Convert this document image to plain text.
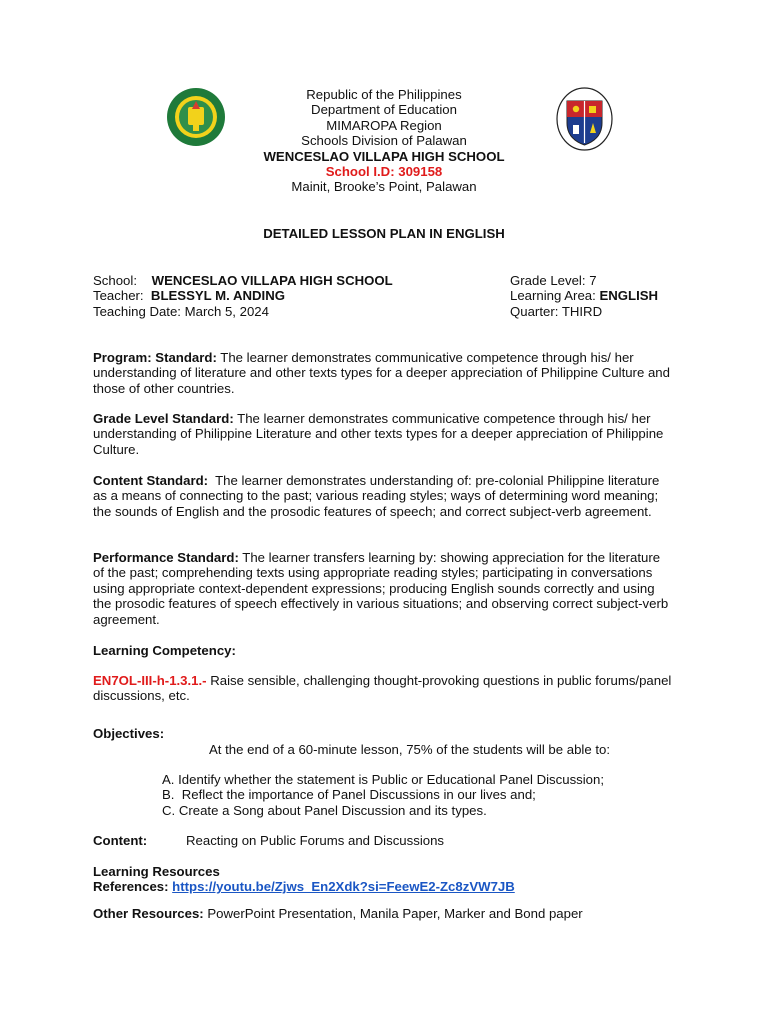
Republic of the Philippines
Department of Education
MIMAROPA Region
Schools Division of Palawan
WENCESLAO VILLAPA HIGH SCHOOL
School I.D: 309158
Mainit, Brooke’s Point, Palawan
DETAILED LESSON PLAN IN ENGLISH
School: WENCESLAO VILLAPA HIGH SCHOOL	Grade Level: 7
Teacher: BLESSYL M. ANDING	Learning Area: ENGLISH
Teaching Date: March 5, 2024	Quarter: THIRD
Program: Standard: The learner demonstrates communicative competence through his/ her understanding of literature and other texts types for a deeper appreciation of Philippine Culture and those of other countries.
Grade Level Standard: The learner demonstrates communicative competence through his/ her understanding of Philippine Literature and other texts types for a deeper appreciation of Philippine Culture.
Content Standard: The learner demonstrates understanding of: pre-colonial Philippine literature as a means of connecting to the past; various reading styles; ways of determining word meaning; the sounds of English and the prosodic features of speech; and correct subject-verb agreement.
Performance Standard: The learner transfers learning by: showing appreciation for the literature of the past; comprehending texts using appropriate reading styles; participating in conversations using appropriate context-dependent expressions; producing English sounds correctly and using the prosodic features of speech effectively in various situations; and observing correct subject-verb agreement.
Learning Competency:
EN7OL-III-h-1.3.1.- Raise sensible, challenging thought-provoking questions in public forums/panel discussions, etc.
Objectives:
At the end of a 60-minute lesson, 75% of the students will be able to:
A. Identify whether the statement is Public or Educational Panel Discussion;
B.  Reflect the importance of Panel Discussions in our lives and;
C. Create a Song about Panel Discussion and its types.
Content:	Reacting on Public Forums and Discussions
Learning Resources
References: https://youtu.be/Zjws_En2Xdk?si=FeewE2-Zc8zVW7JB
Other Resources: PowerPoint Presentation, Manila Paper, Marker and Bond paper
